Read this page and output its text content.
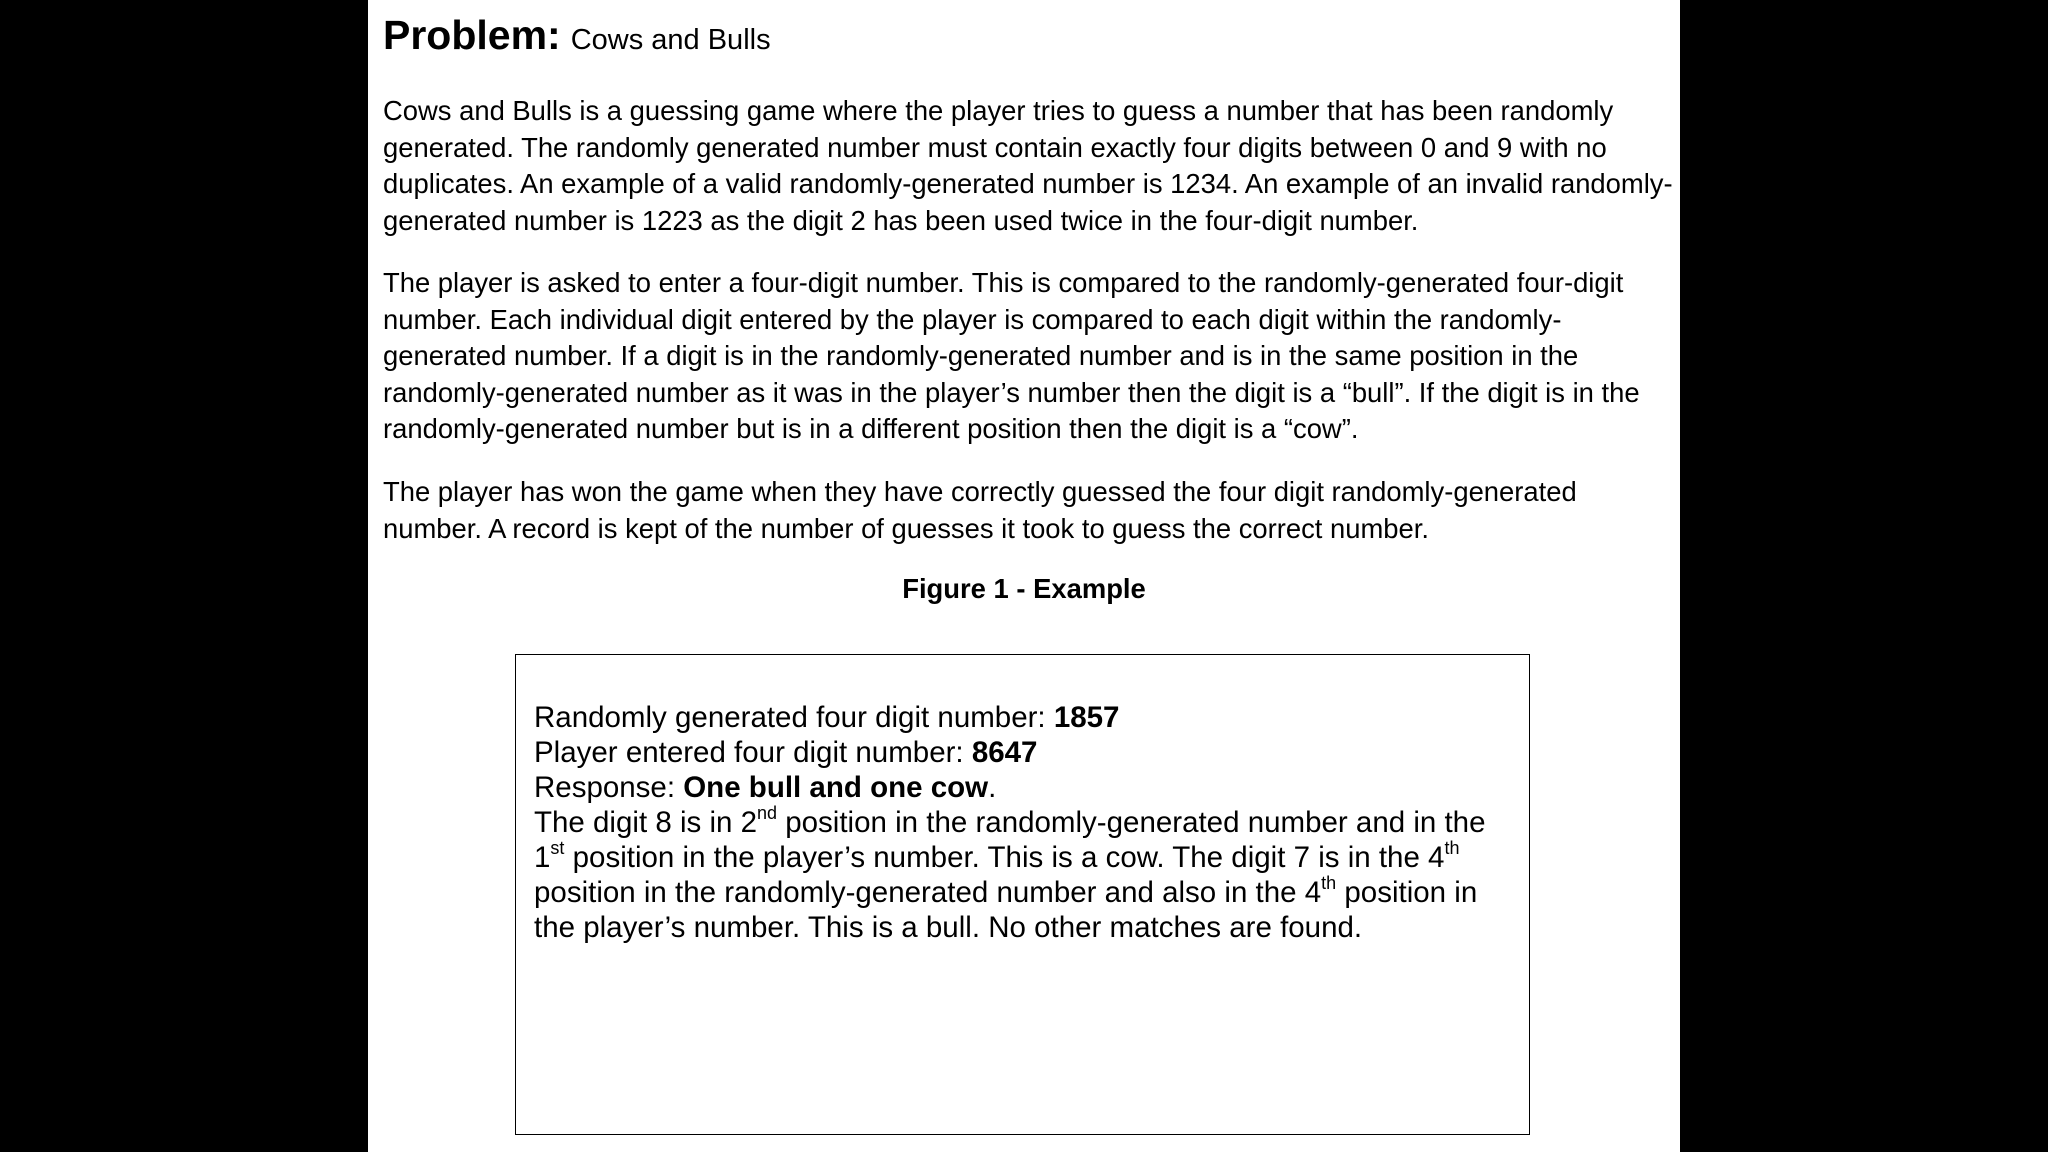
Problem: Cows and Bulls

Cows and Bulls is a guessing game where the player tries to guess a number that has been randomly generated. The randomly generated number must contain exactly four digits between 0 and 9 with no duplicates. An example of a valid randomly-generated number is 1234. An example of an invalid randomly-generated number is 1223 as the digit 2 has been used twice in the four-digit number.

The player is asked to enter a four-digit number. This is compared to the randomly-generated four-digit number. Each individual digit entered by the player is compared to each digit within the randomly-generated number. If a digit is in the randomly-generated number and is in the same position in the randomly-generated number as it was in the player’s number then the digit is a “bull”. If the digit is in the randomly-generated number but is in a different position then the digit is a “cow”.

The player has won the game when they have correctly guessed the four digit randomly-generated number. A record is kept of the number of guesses it took to guess the correct number.

Figure 1 - Example
Randomly generated four digit number: 1857
Player entered four digit number: 8647
Response: One bull and one cow.
The digit 8 is in 2nd position in the randomly-generated number and in the
1st position in the player’s number. This is a cow. The digit 7 is in the 4th
position in the randomly-generated number and also in the 4th position in
the player’s number. This is a bull. No other matches are found.
